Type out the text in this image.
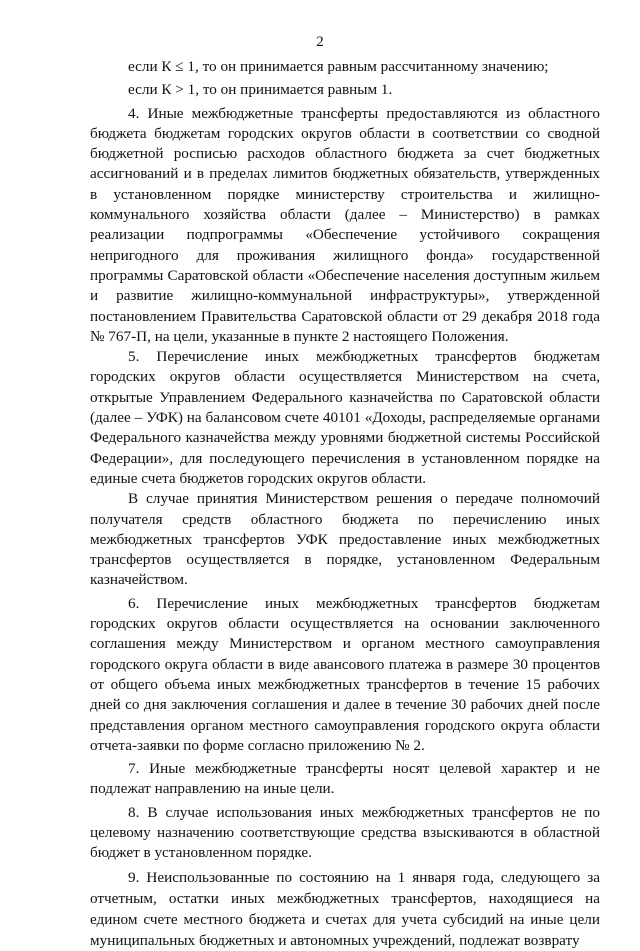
2

если К ≤ 1, то он принимается равным рассчитанному значению;

если К > 1, то он принимается равным 1.

4. Иные межбюджетные трансферты предоставляются из областного бюджета бюджетам городских округов области в соответствии со сводной бюджетной росписью расходов областного бюджета за счет бюджетных ассигнований и в пределах лимитов бюджетных обязательств, утвержденных в установленном порядке министерству строительства и жилищно-коммунального хозяйства области (далее – Министерство) в рамках реализации подпрограммы «Обеспечение устойчивого сокращения непригодного для проживания жилищного фонда» государственной программы Саратовской области «Обеспечение населения доступным жильем и развитие жилищно-коммунальной инфраструктуры», утвержденной постановлением Правительства Саратовской области от 29 декабря 2018 года № 767-П, на цели, указанные в пункте 2 настоящего Положения.

5. Перечисление иных межбюджетных трансфертов бюджетам городских округов области осуществляется Министерством на счета, открытые Управлением Федерального казначейства по Саратовской области (далее – УФК) на балансовом счете 40101 «Доходы, распределяемые органами Федерального казначейства между уровнями бюджетной системы Российской Федерации», для последующего перечисления в установленном порядке на единые счета бюджетов городских округов области.

В случае принятия Министерством решения о передаче полномочий получателя средств областного бюджета по перечислению иных межбюджетных трансфертов УФК предоставление иных межбюджетных трансфертов осуществляется в порядке, установленном Федеральным казначейством.

6. Перечисление иных межбюджетных трансфертов бюджетам городских округов области осуществляется на основании заключенного соглашения между Министерством и органом местного самоуправления городского округа области в виде авансового платежа в размере 30 процентов от общего объема иных межбюджетных трансфертов в течение 15 рабочих дней со дня заключения соглашения и далее в течение 30 рабочих дней после представления органом местного самоуправления городского округа области отчета-заявки по форме согласно приложению № 2.

7. Иные межбюджетные трансферты носят целевой характер и не подлежат направлению на иные цели.

8. В случае использования иных межбюджетных трансфертов не по целевому назначению соответствующие средства взыскиваются в областной бюджет в установленном порядке.

9. Неиспользованные по состоянию на 1 января года, следующего за отчетным, остатки иных межбюджетных трансфертов, находящиеся на едином счете местного бюджета и счетах для учета субсидий на иные цели муниципальных бюджетных и автономных учреждений, подлежат возврату
